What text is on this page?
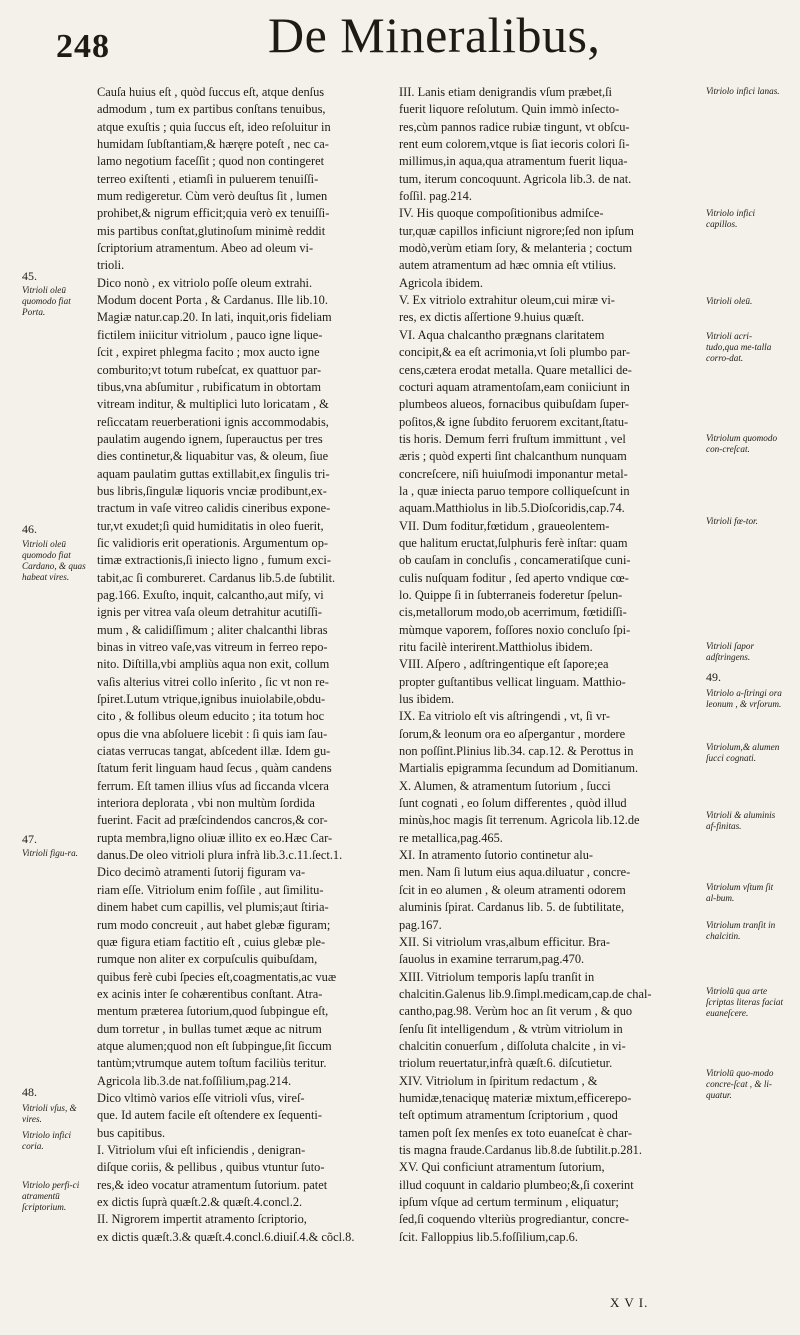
248	De Mineralibus,
45.
Vitrioli oleū quomodo fiat Porta.
46.
Vitrioli oleū quomodo fiat Cardano, & quas habeat vires.
47.
Vitrioli figu-ra.
48.
Vitrioli vſus, & vires.
Vitriolo infici coria.
Vitriolo perfi-ci atramentū ſcriptorium.

Cauſa huius eſt , quòd ſuccus eſt, atque denſus
admodum , tum ex partibus conſtans tenuibus,
atque exuſtis ; quia ſuccus eſt, ideo reſoluitur in
humidam ſubſtantiam,& hæręre poteſt , nec ca-
lamo negotium faceſſit ; quod non contingeret
terreo exiſtenti , etiamſi in puluerem tenuiſſi-
mum redigeretur. Cùm verò deuſtus ſit , lumen
prohibet,& nigrum efficit;quia verò ex tenuiſſi-
mis partibus conſtat,glutinoſum minimè reddit
ſcriptorium atramentum. Abeo ad oleum vi-
trioli.

Dico nonò , ex vitriolo poſſe oleum extrahi.
Modum docent Porta , & Cardanus. Ille lib.10.
Magiæ natur.cap.20. In lati, inquit,oris fideliam
fictilem iniicitur vitriolum , pauco igne lique-
ſcit , expiret phlegma facito ; mox aucto igne
comburito;vt totum rubeſcat, ex quattuor par-
tibus,vna abſumitur , rubificatum in obtortam
vitream inditur, & multiplici luto loricatam , &
reſiccatam reuerberationi ignis accommodabis,
paulatim augendo ignem, ſuperauctus per tres
dies continetur,& liquabitur vas, & oleum, ſiue
aquam paulatim guttas extillabit,ex ſingulis tri-
bus libris,ſingulæ liquoris vnciæ prodibunt,ex-
tractum in vaſe vitreo calidis cineribus expone-
tur,vt exudet;ſi quid humiditatis in oleo fuerit,
ſic validioris erit operationis. Argumentum op-
timæ extractionis,ſi iniecto ligno , fumum exci-
tabit,ac ſi combureret. Cardanus lib.5.de ſubtilit.
pag.166. Exuſto, inquit, calcantho,aut miſy, vi
ignis per vitrea vaſa oleum detrahitur acutiſſi-
mum , & calidiſſimum ; aliter chalcanthi libras
binas in vitreo vaſe,vas vitreum in ferreo repo-
nito. Diſtilla,vbi ampliùs aqua non exit, collum
vaſis alterius vitrei collo inſerito , ſic vt non re-
ſpiret.Lutum vtrique,ignibus inuiolabile,obdu-
cito , & follibus oleum educito ; ita totum hoc
opus die vna abſoluere licebit : ſi quis iam ſau-
ciatas verrucas tangat, abſcedent illæ. Idem gu-
ſtatum ferit linguam haud ſecus , quàm candens
ferrum. Eſt tamen illius vſus ad ſiccanda vlcera
interiora deplorata , vbi non multùm ſordida
fuerint. Facit ad præſcindendos cancros,& cor-
rupta membra,ligno oliuæ illito ex eo.Hæc Car-
danus.De oleo vitrioli plura infrà lib.3.c.11.ſect.1.

Dico decimò atramenti ſutorij figuram va-
riam eſſe. Vitriolum enim foſſile , aut ſimilitu-
dinem habet cum capillis, vel plumis;aut ſtiria-
rum modo concreuit , aut habet glebæ figuram;
quæ figura etiam factitio eſt , cuius glebæ ple-
rumque non aliter ex corpuſculis quibuſdam,
quibus ferè cubi ſpecies eſt,coagmentatis,ac vuæ
ex acinis inter ſe cohærentibus conſtant. Atra-
mentum præterea ſutorium,quod ſubpingue eſt,
dum torretur , in bullas tumet æque ac nitrum
atque alumen;quod non eſt ſubpingue,ſit ſiccum
tantùm;vtrumque autem toſtum faciliùs teritur.
Agricola lib.3.de nat.foſſilium,pag.214.

Dico vltimò varios eſſe vitrioli vſus, vireſ-
que. Id autem facile eſt oſtendere ex ſequenti-
bus capitibus.

I. Vitriolum vſui eſt inficiendis , denigran-
diſque coriis, & pellibus , quibus vtuntur ſuto-
res,& ideo vocatur atramentum ſutorium. patet
ex dictis ſuprà quæſt.2.& quæſt.4.concl.2.

II. Nigrorem impertit atramento ſcriptorio,
ex dictis quæſt.3.& quæſt.4.concl.6.diuiſ.4.& cõcl.8.

III. Lanis etiam denigrandis vſum præbet,ſi
fuerit liquore reſolutum. Quin immò inſecto-
res,cùm pannos radice rubiæ tingunt, vt obſcu-
rent eum colorem,vtque is ſiat iecoris colori ſi-
millimus,in aqua,qua atramentum fuerit liqua-
tum, iterum concoquunt. Agricola lib.3. de nat.
foſſil. pag.214.

IV. His quoque compoſitionibus admiſce-
tur,quæ capillos inficiunt nigrore;ſed non ipſum
modò,verùm etiam ſory, & melanteria ; coctum
autem atramentum ad hæc omnia eſt vtilius.
Agricola ibidem.

V. Ex vitriolo extrahitur oleum,cui miræ vi-
res, ex dictis aſſertione 9.huius quæſt.

VI. Aqua chalcantho prægnans claritatem
concipit,& ea eſt acrimonia,vt ſoli plumbo par-
cens,cætera erodat metalla. Quare metallici de-
cocturi aquam atramentoſam,eam coniiciunt in
plumbeos alueos, fornacibus quibuſdam ſuper-
poſitos,& igne ſubdito feruorem excitant,ſtatu-
tis horis. Demum ferri fruſtum immittunt , vel
æris ; quòd experti ſint chalcanthum nunquam
concreſcere, niſi huiuſmodi imponantur metal-
la , quæ iniecta paruo tempore colliqueſcunt in
aquam.Matthiolus in lib.5.Dioſcoridis,cap.74.

VII. Dum foditur,fœtidum , graueolentem-
que halitum eructat,ſulphuris ferè inſtar: quam
ob cauſam in concluſis , concameratiſque cuni-
culis nuſquam foditur , ſed aperto vndique cœ-
lo. Quippe ſi in ſubterraneis foderetur ſpelun-
cis,metallorum modo,ob acerrimum, fœtidiſſi-
mùmque vaporem, foſſores noxio concluſo ſpi-
ritu facilè interirent.Matthiolus ibidem.

VIII. Aſpero , adſtringentique eſt ſapore;ea
propter guſtantibus vellicat linguam. Matthio-
lus ibidem.

IX. Ea vitriolo eſt vis aſtringendi , vt, ſi vr-
ſorum,& leonum ora eo aſpergantur , mordere
non poſſint.Plinius lib.34. cap.12. & Perottus in
Martialis epigramma ſecundum ad Domitianum.

X. Alumen, & atramentum ſutorium , ſucci
ſunt cognati , eo ſolum differentes , quòd illud
minùs,hoc magis ſit terrenum. Agricola lib.12.de
re metallica,pag.465.

XI. In atramento ſutorio continetur alu-
men. Nam ſi lutum eius aqua.diluatur , concre-
ſcit in eo alumen , & oleum atramenti odorem
aluminis ſpirat. Cardanus lib. 5. de ſubtilitate,
pag.167.

XII. Si vitriolum vras,album efficitur. Bra-
ſauolus in examine terrarum,pag.470.

XIII. Vitriolum temporis lapſu tranſit in
chalcitin.Galenus lib.9.ſimpl.medicam,cap.de chal-
cantho,pag.98. Verùm hoc an ſit verum , & quo
ſenſu ſit intelligendum , & vtrùm vitriolum in
chalcitin conuerſum , diſſoluta chalcite , in vi-
triolum reuertatur,infrà quæſt.6. diſcutietur.

XIV. Vitriolum in ſpiritum redactum , &
humidæ,tenaciquę materiæ mixtum,efficerepo-
teſt optimum atramentum ſcriptorium , quod
tamen poſt ſex menſes ex toto euaneſcat è char-
tis magna fraude.Cardanus lib.8.de ſubtilit.p.281.

XV. Qui conficiunt atramentum ſutorium,
illud coquunt in caldario plumbeo;&,ſi coxerint
ipſum vſque ad certum terminum , eliquatur;
ſed,ſi coquendo vlteriùs progrediantur, concre-
ſcit. Falloppius lib.5.foſſilium,cap.6.

Vitriolo infici lanas.
Vitriolo infici capillos.
Vitrioli oleū.
Vitrioli acri-tudo,qua me-talla corro-dat.
Vitriolum quomodo con-creſcat.
Vitrioli fœ-tor.
Vitrioli ſapor adſtringens.
49.
Vitriolo a-ſtringi ora leonum , & vrſorum.
Vitriolum,& alumen ſucci cognati.
Vitrioli & aluminis af-finitas.
Vitriolum vſtum ſit al-bum.
Vitriolum tranſit in chalcitin.
Vitriolū qua arte ſcriptas literas faciat euaneſcere.
Vitriolū quo-modo concre-ſcat , & li-quatur.
X V I.
